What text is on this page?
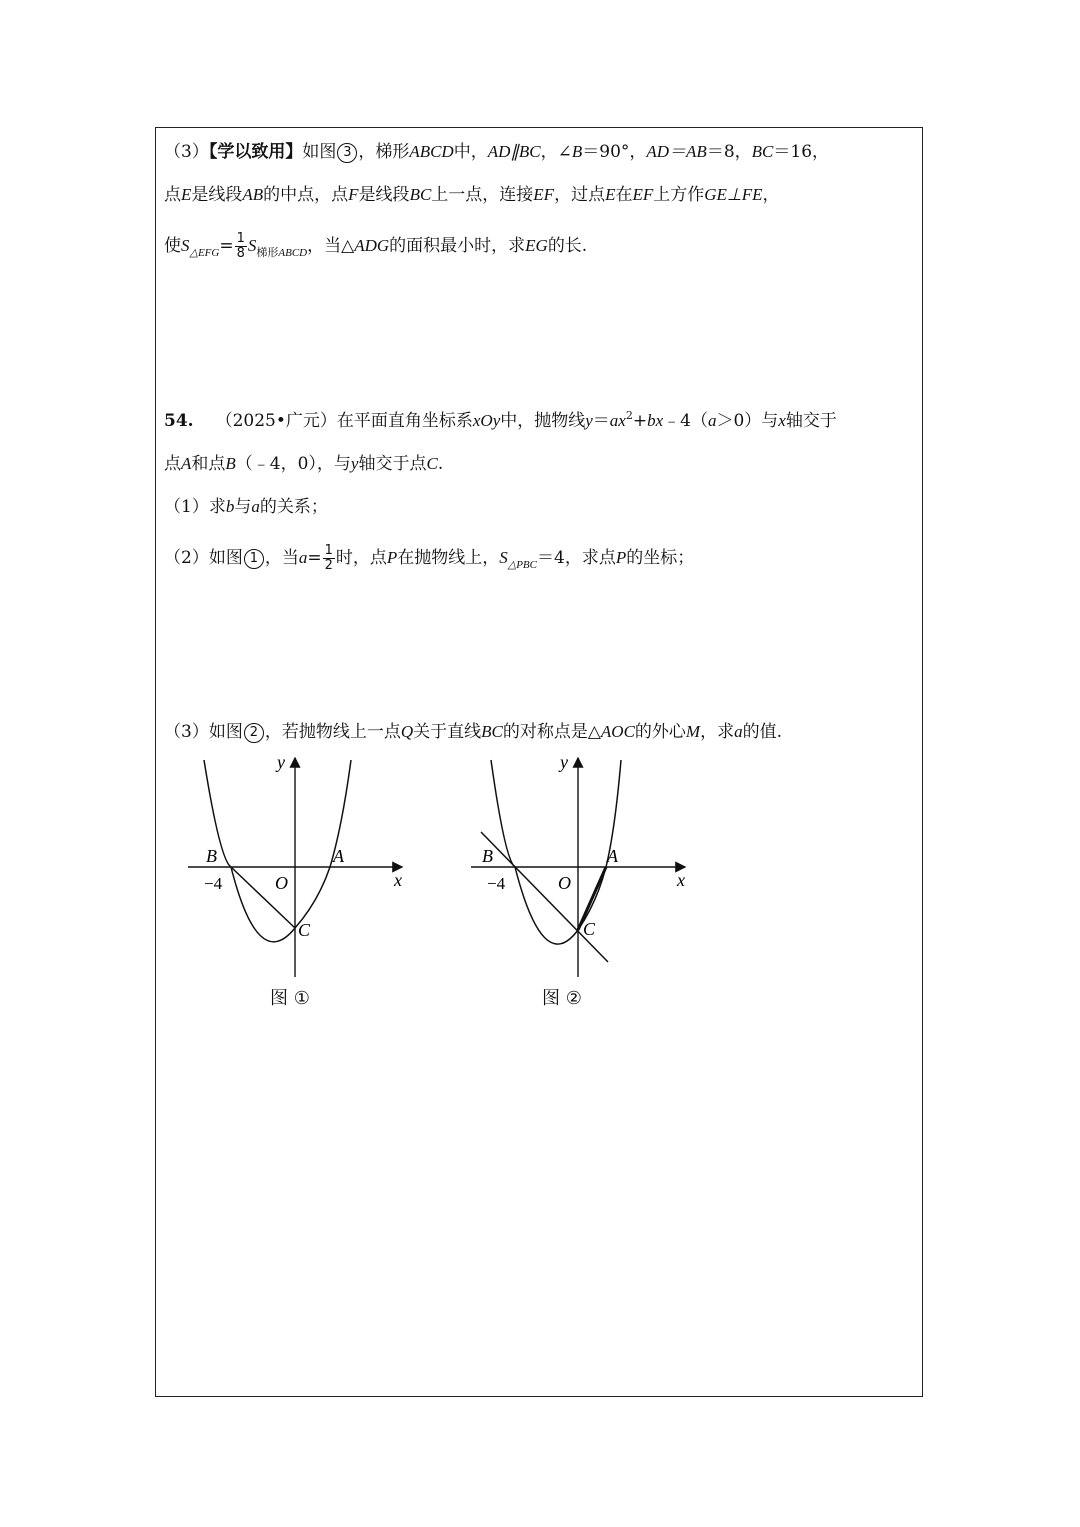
（3）【学以致用】如图 3 ，梯形ABCD中，AD∥BC，∠B＝90°，AD＝AB＝8，BC＝16，
点E是线段AB的中点，点F是线段BC上一点，连接EF，过点E在EF上方作GE⊥FE，
使$S_{\triangle EFG}= \frac{1}{8} S_{梯形ABCD}$，当△ADG的面积最小时，求EG的长.
54. （2025•广元）在平面直角坐标系xOy中，抛物线$y=ax^2+bx﹣4(a>0)$与x轴交于
点A和点B（﹣4，0），与y轴交于点C.
（1）求b与a的关系；
（2）如图 1 ，当$a= \frac{1}{2}$ 时，点P在抛物线上，$S_{\triangle PBC}=4$，求点P的坐标；
（3）如图 2 ，若抛物线上一点Q关于直线BC的对称点是△AOC的外心M，求a的值.
y
x
B	A
−4	O
C
图 ①
y
x
B	A
−4	O
C
图 ②
